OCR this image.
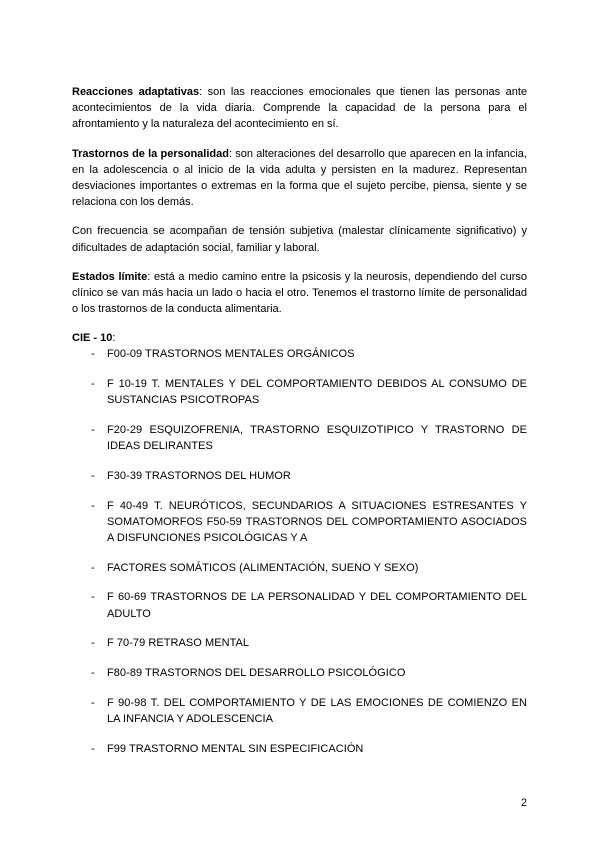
Reacciones adaptativas: son las reacciones emocionales que tienen las personas ante acontecimientos de la vida diaria. Comprende la capacidad de la persona para el afrontamiento y la naturaleza del acontecimiento en sí.

Trastornos de la personalidad: son alteraciones del desarrollo que aparecen en la infancia, en la adolescencia o al inicio de la vida adulta y persisten en la madurez. Representan desviaciones importantes o extremas en la forma que el sujeto percibe, piensa, siente y se relaciona con los demás.

Con frecuencia se acompañan de tensión subjetiva (malestar clínicamente significativo) y dificultades de adaptación social, familiar y laboral.

Estados límite: está a medio camino entre la psicosis y la neurosis, dependiendo del curso clínico se van más hacia un lado o hacia el otro. Tenemos el trastorno límite de personalidad o los trastornos de la conducta alimentaria.

CIE - 10:

- F00-09 TRASTORNOS MENTALES ORGÁNICOS
- F 10-19 T. MENTALES Y DEL COMPORTAMIENTO DEBIDOS AL CONSUMO DE SUSTANCIAS PSICOTROPAS
- F20-29 ESQUIZOFRENIA, TRASTORNO ESQUIZOTIPICO Y TRASTORNO DE IDEAS DELIRANTES
- F30-39 TRASTORNOS DEL HUMOR
- F 40-49 T. NEURÓTICOS, SECUNDARIOS A SITUACIONES ESTRESANTES Y SOMATOMORFOS F50-59 TRASTORNOS DEL COMPORTAMIENTO ASOCIADOS A DISFUNCIONES PSICOLÓGICAS Y A
- FACTORES SOMÁTICOS (ALIMENTACIÓN, SUENO Y SEXO)
- F 60-69 TRASTORNOS DE LA PERSONALIDAD Y DEL COMPORTAMIENTO DEL ADULTO
- F 70-79 RETRASO MENTAL
- F80-89 TRASTORNOS DEL DESARROLLO PSICOLÓGICO
- F 90-98 T. DEL COMPORTAMIENTO Y DE LAS EMOCIONES DE COMIENZO EN LA INFANCIA Y ADOLESCENCIA
- F99 TRASTORNO MENTAL SIN ESPECIFICACIÓN
2
